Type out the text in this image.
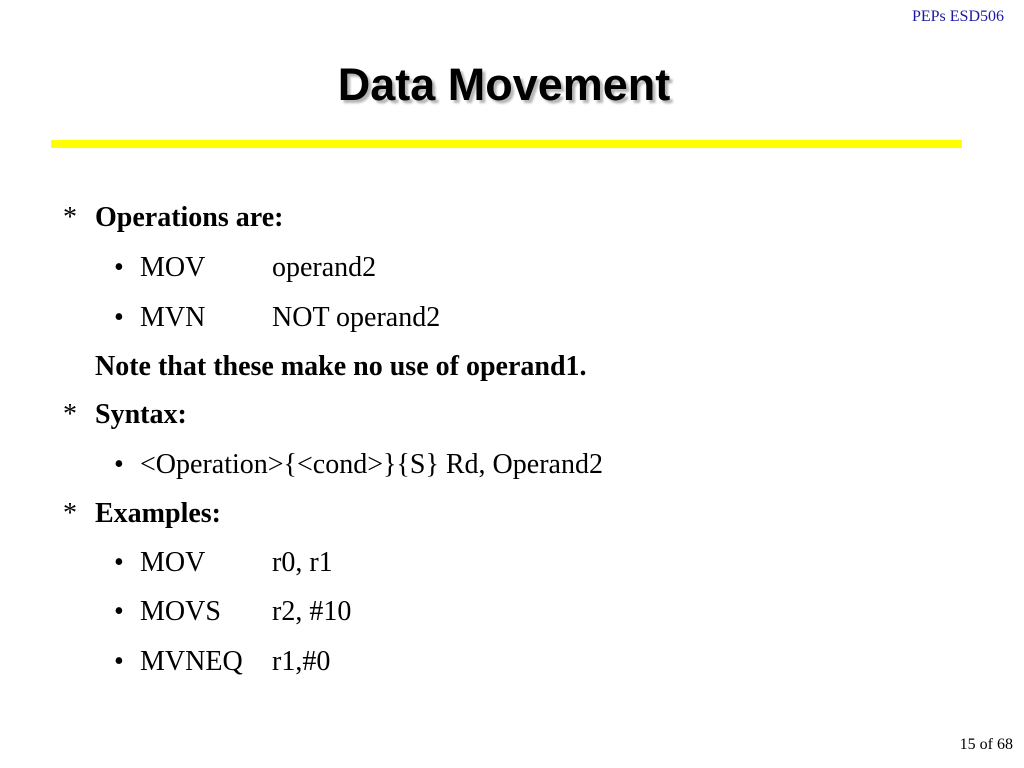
PEPs ESD506
Data Movement
* Operations are:
• MOV operand2
• MVN NOT operand2
Note that these make no use of operand1.
* Syntax:
• <Operation>{<cond>}{S} Rd, Operand2
* Examples:
• MOV r0, r1
• MOVS r2, #10
• MVNEQ r1,#0
15 of 68
